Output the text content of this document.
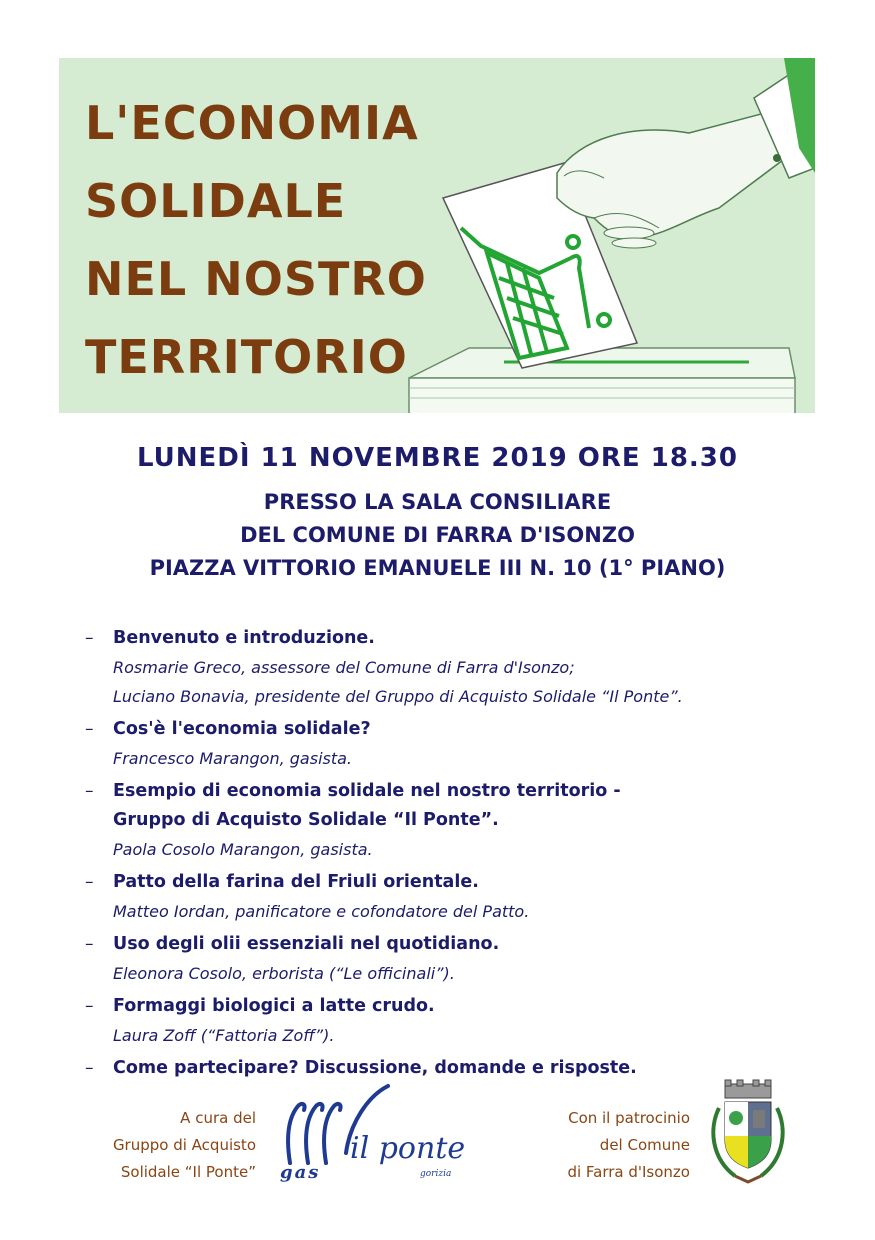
L'ECONOMIA
SOLIDALE
NEL NOSTRO
TERRITORIO
LUNEDÌ 11 NOVEMBRE 2019 ORE 18.30
PRESSO LA SALA CONSILIARE
DEL COMUNE DI FARRA D'ISONZO
PIAZZA VITTORIO EMANUELE III N. 10 (1° PIANO)
– Benvenuto e introduzione.
Rosmarie Greco, assessore del Comune di Farra d'Isonzo;
Luciano Bonavia, presidente del Gruppo di Acquisto Solidale “Il Ponte”.
– Cos'è l'economia solidale?
Francesco Marangon, gasista.
– Esempio di economia solidale nel nostro territorio -
Gruppo di Acquisto Solidale “Il Ponte”.
Paola Cosolo Marangon, gasista.
– Patto della farina del Friuli orientale.
Matteo Iordan, panificatore e cofondatore del Patto.
– Uso degli olii essenziali nel quotidiano.
Eleonora Cosolo, erborista (“Le officinali”).
– Formaggi biologici a latte crudo.
Laura Zoff (“Fattoria Zoff”).
– Come partecipare? Discussione, domande e risposte.
A cura del
Gruppo di Acquisto
Solidale “Il Ponte” gas
il ponte
gorizia
Con il patrocinio
del Comune
di Farra d'Isonzo
